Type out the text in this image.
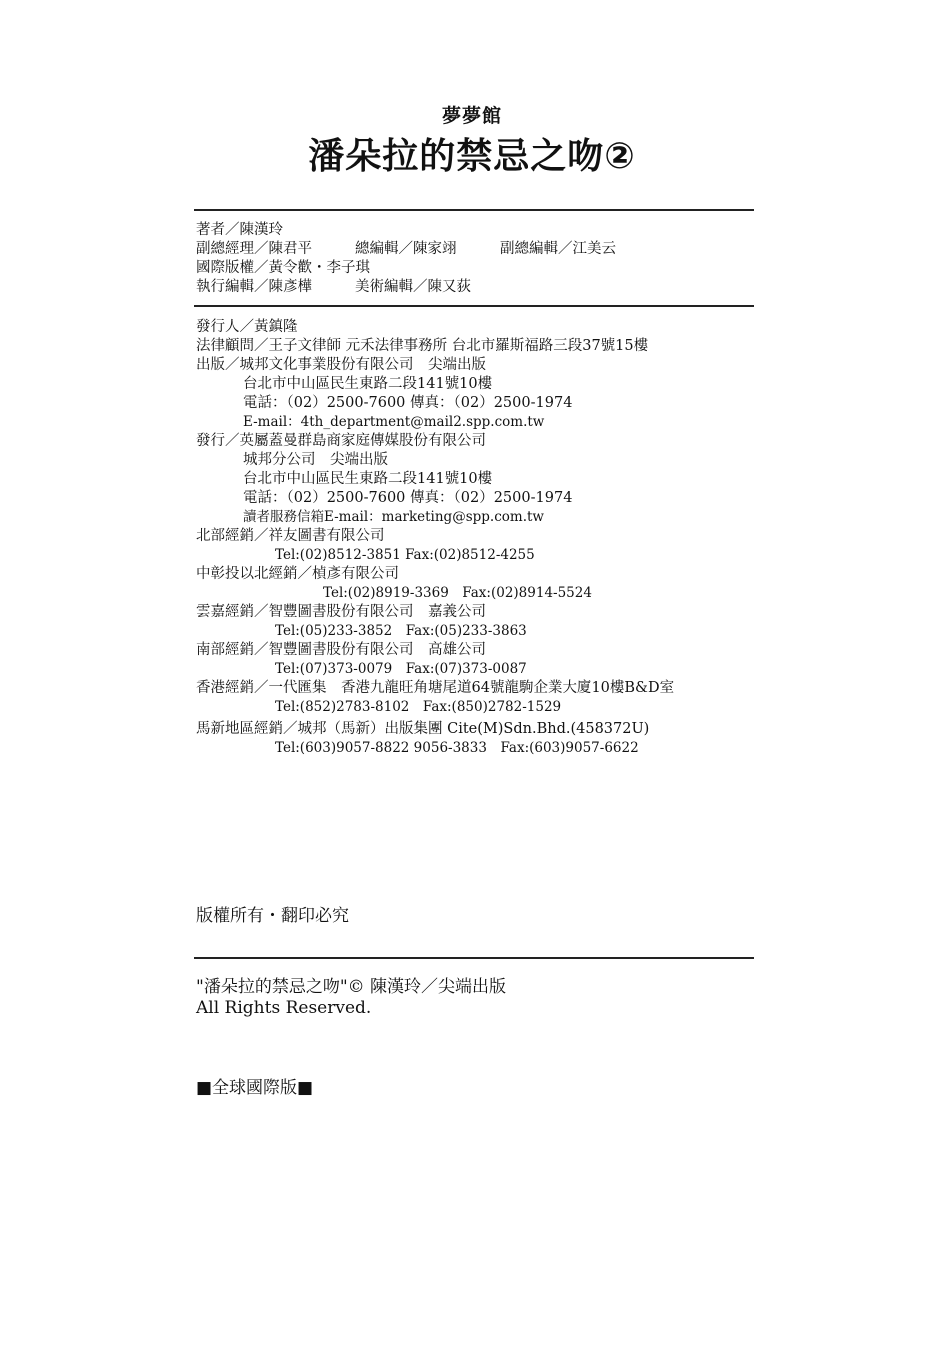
夢夢館
潘朵拉的禁忌之吻②
著者／陳漢玲
副總經理／陳君平	總編輯／陳家翊	副總編輯／江美云
國際版權／黃令歡・李子琪
執行編輯／陳彥樺	美術編輯／陳又荻
發行人／黃鎮隆
法律顧問／王子文律師 元禾法律事務所 台北市羅斯福路三段37號15樓
出版／城邦文化事業股份有限公司　尖端出版
台北市中山區民生東路二段141號10樓
電話：（02）2500-7600 傳真：（02）2500-1974
E-mail：4th_department@mail2.spp.com.tw
發行／英屬蓋曼群島商家庭傳媒股份有限公司
城邦分公司　尖端出版
台北市中山區民生東路二段141號10樓
電話：（02）2500-7600 傳真：（02）2500-1974
讀者服務信箱E-mail：marketing@spp.com.tw
北部經銷／祥友圖書有限公司
Tel:(02)8512-3851 Fax:(02)8512-4255
中彰投以北經銷／楨彥有限公司
Tel:(02)8919-3369　Fax:(02)8914-5524
雲嘉經銷／智豐圖書股份有限公司　嘉義公司
Tel:(05)233-3852　Fax:(05)233-3863
南部經銷／智豐圖書股份有限公司　高雄公司
Tel:(07)373-0079　Fax:(07)373-0087
香港經銷／一代匯集　香港九龍旺角塘尾道64號龍駒企業大廈10樓B&D室
Tel:(852)2783-8102　Fax:(850)2782-1529
馬新地區經銷／城邦（馬新）出版集團 Cite(M)Sdn.Bhd.(458372U)
Tel:(603)9057-8822 9056-3833　Fax:(603)9057-6622
版權所有・翻印必究
"潘朵拉的禁忌之吻"© 陳漢玲／尖端出版
All Rights Reserved.
■全球國際版■
